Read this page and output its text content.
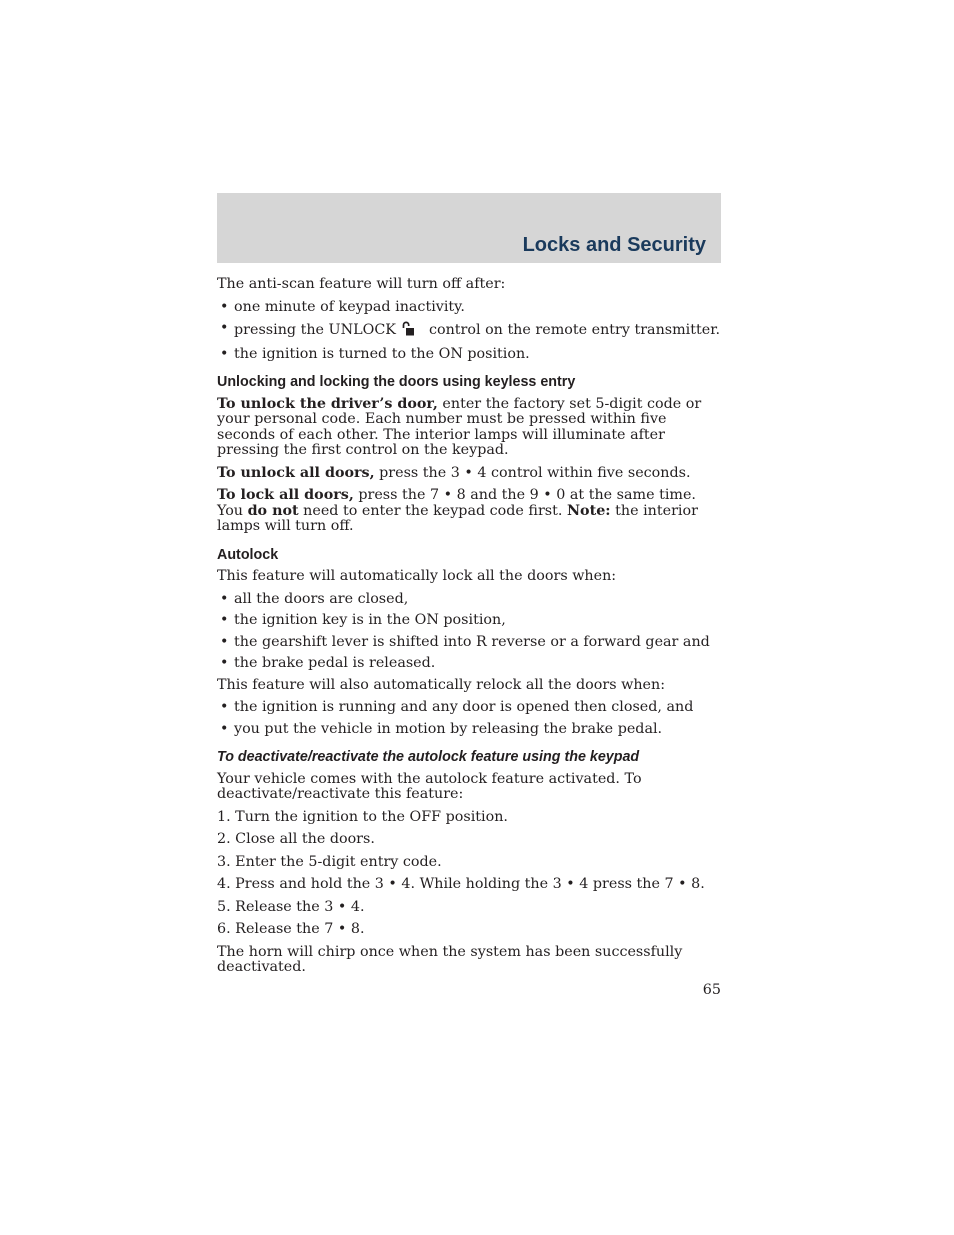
Locks and Security

The anti-scan feature will turn off after:

• one minute of keypad inactivity.
• pressing the UNLOCK control on the remote entry transmitter.
• the ignition is turned to the ON position.
Unlocking and locking the doors using keyless entry

To unlock the driver’s door, enter the factory set 5-digit code or your personal code. Each number must be pressed within five seconds of each other. The interior lamps will illuminate after pressing the first control on the keypad.

To unlock all doors, press the 3 • 4 control within five seconds.

To lock all doors, press the 7 • 8 and the 9 • 0 at the same time. You do not need to enter the keypad code first. Note: the interior lamps will turn off.

Autolock

This feature will automatically lock all the doors when:

• all the doors are closed,
• the ignition key is in the ON position,
• the gearshift lever is shifted into R reverse or a forward gear and
• the brake pedal is released.

This feature will also automatically relock all the doors when:

• the ignition is running and any door is opened then closed, and
• you put the vehicle in motion by releasing the brake pedal.
To deactivate/reactivate the autolock feature using the keypad

Your vehicle comes with the autolock feature activated. To deactivate/reactivate this feature:

1. Turn the ignition to the OFF position.
2. Close all the doors.
3. Enter the 5-digit entry code.
4. Press and hold the 3 • 4. While holding the 3 • 4 press the 7 • 8.
5. Release the 3 • 4.
6. Release the 7 • 8.

The horn will chirp once when the system has been successfully deactivated.

65
